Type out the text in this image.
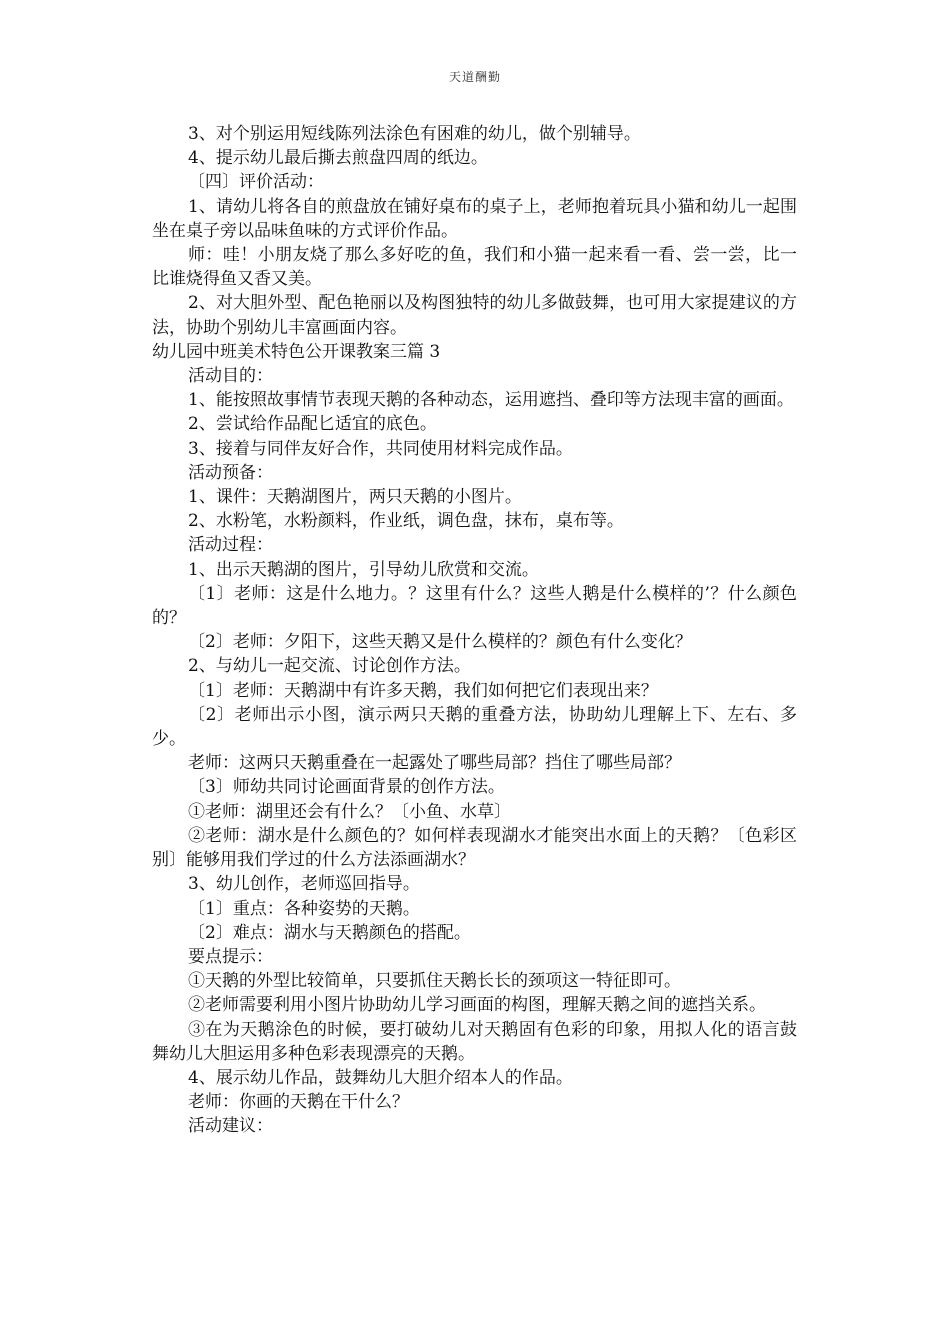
天道酬勤

3、对个别运用短线陈列法涂色有困难的幼儿，做个别辅导。

4、提示幼儿最后撕去煎盘四周的纸边。

〔四〕评价活动：

1、请幼儿将各自的煎盘放在铺好桌布的桌子上，老师抱着玩具小猫和幼儿一起围坐在桌子旁以品味鱼味的方式评价作品。

师：哇！小朋友烧了那么多好吃的鱼，我们和小猫一起来看一看、尝一尝，比一比谁烧得鱼又香又美。

2、对大胆外型、配色艳丽以及构图独特的幼儿多做鼓舞，也可用大家提建议的方法，协助个别幼儿丰富画面内容。

幼儿园中班美术特色公开课教案三篇 3

活动目的：

1、能按照故事情节表现天鹅的各种动态，运用遮挡、叠印等方法现丰富的画面。

2、尝试给作品配匕适宜的底色。

3、接着与同伴友好合作，共同使用材料完成作品。

活动预备：

1、课件：天鹅湖图片，两只天鹅的小图片。

2、水粉笔，水粉颜料，作业纸，调色盘，抹布，桌布等。

活动过程：

1、出示天鹅湖的图片，引导幼儿欣赏和交流。

〔1〕老师：这是什么地力。？这里有什么？这些人鹅是什么模样的’？什么颜色的？

〔2〕老师：夕阳下，这些天鹅又是什么模样的？颜色有什么变化？

2、与幼儿一起交流、讨论创作方法。

〔1〕老师：天鹅湖中有许多天鹅，我们如何把它们表现出来？

〔2〕老师出示小图，演示两只天鹅的重叠方法，协助幼儿理解上下、左右、多少。

老师：这两只天鹅重叠在一起露处了哪些局部？挡住了哪些局部？

〔3〕师幼共同讨论画面背景的创作方法。

①老师：湖里还会有什么？〔小鱼、水草〕

②老师：湖水是什么颜色的？如何样表现湖水才能突出水面上的天鹅？〔色彩区别〕能够用我们学过的什么方法添画湖水？

3、幼儿创作，老师巡回指导。

〔1〕重点：各种姿势的天鹅。

〔2〕难点：湖水与天鹅颜色的搭配。

要点提示：

①天鹅的外型比较简单，只要抓住天鹅长长的颈项这一特征即可。

②老师需要利用小图片协助幼儿学习画面的构图，理解天鹅之间的遮挡关系。

③在为天鹅涂色的时候，要打破幼儿对天鹅固有色彩的印象，用拟人化的语言鼓舞幼儿大胆运用多种色彩表现漂亮的天鹅。

4、展示幼儿作品，鼓舞幼儿大胆介绍本人的作品。

老师：你画的天鹅在干什么？

活动建议：
